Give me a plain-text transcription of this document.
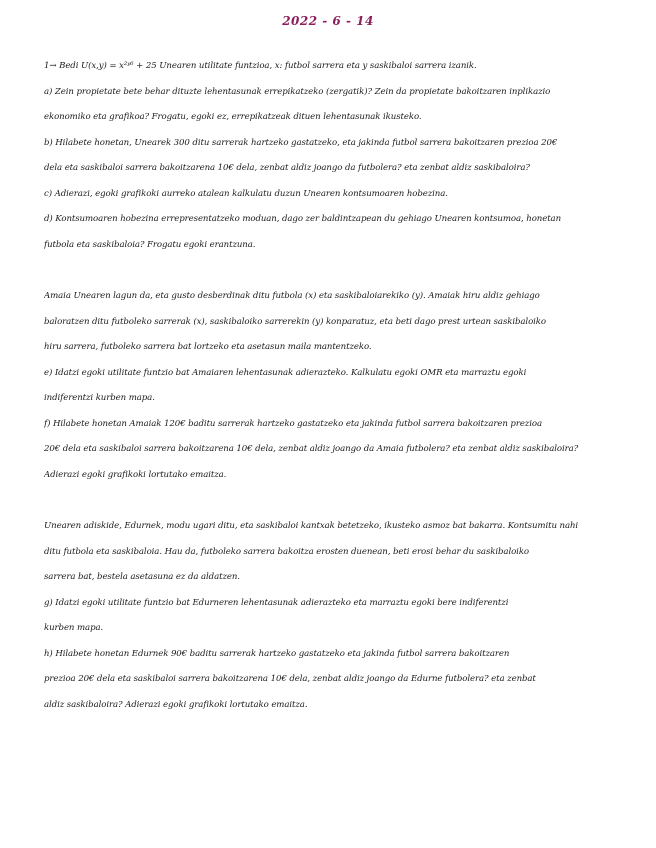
2022 - 6 - 14
1→ Bedi U(x,y) = x²ʸ⁶ + 25 Unearen utilitate funtzioa, x: futbol sarrera eta y saskibaloi sarrera izanik.
a) Zein propietate bete behar dituzte lehentasunak errepikatzeko (zergatik)? Zein da propietate bakoitzaren inplikazio
ekonomiko eta grafikoa? Frogatu, egoki ez, errepikatzeak dituen lehentasunak ikusteko.
b) Hilabete honetan, Unearek 300 ditu sarrerak hartzeko gastatzeko, eta jakinda futbol sarrera bakoitzaren prezioa 20€
dela eta saskibaloi sarrera bakoitzarena 10€ dela, zenbat aldiz joango da futbolera? eta zenbat aldiz saskibaloira?
c) Adierazi, egoki grafikoki aurreko atalean kalkulatu duzun Unearen kontsumoaren hobezina.
d) Kontsumoaren hobezina errepresentatzeko moduan, dago zer baldintzapean du gehiago Unearen kontsumoa, honetan
futbola eta saskibaloia? Frogatu egoki erantzuna.
Amaia Unearen lagun da, eta gusto desberdinak ditu futbola (x) eta saskibaloiarekiko (y). Amaiak hiru aldiz gehiago
baloratzen ditu futboleko sarrerak (x), saskibaloiko sarrerekin (y) konparatuz, eta beti dago prest urtean saskibaloiko
hiru sarrera, futboleko sarrera bat lortzeko eta asetasun maila mantentzeko.
e) Idatzi egoki utilitate funtzio bat Amaiaren lehentasunak adierazteko. Kalkulatu egoki OMR eta marraztu egoki
indiferentzi kurben mapa.
f) Hilabete honetan Amaiak 120€ baditu sarrerak hartzeko gastatzeko eta jakinda futbol sarrera bakoitzaren prezioa
20€ dela eta saskibaloi sarrera bakoitzarena 10€ dela, zenbat aldiz joango da Amaia futbolera? eta zenbat aldiz saskibaloira?
Adierazi egoki grafikoki lortutako emaitza.
Unearen adiskide, Edurnek, modu ugari ditu, eta saskibaloi kantxak betetzeko, ikusteko asmoz bat bakarra. Kontsumitu nahi
ditu futbola eta saskibaloia. Hau da, futboleko sarrera bakoitza erosten duenean, beti erosi behar du saskibaloiko
sarrera bat, bestela asetasuna ez da aldatzen.
g) Idatzi egoki utilitate funtzio bat Edurneren lehentasunak adierazteko eta marraztu egoki bere indiferentzi
kurben mapa.
h) Hilabete honetan Edurnek 90€ baditu sarrerak hartzeko gastatzeko eta jakinda futbol sarrera bakoitzaren
prezioa 20€ dela eta saskibaloi sarrera bakoitzarena 10€ dela, zenbat aldiz joango da Edurne futbolera? eta zenbat
aldiz saskibaloira? Adierazi egoki grafikoki lortutako emaitza.
